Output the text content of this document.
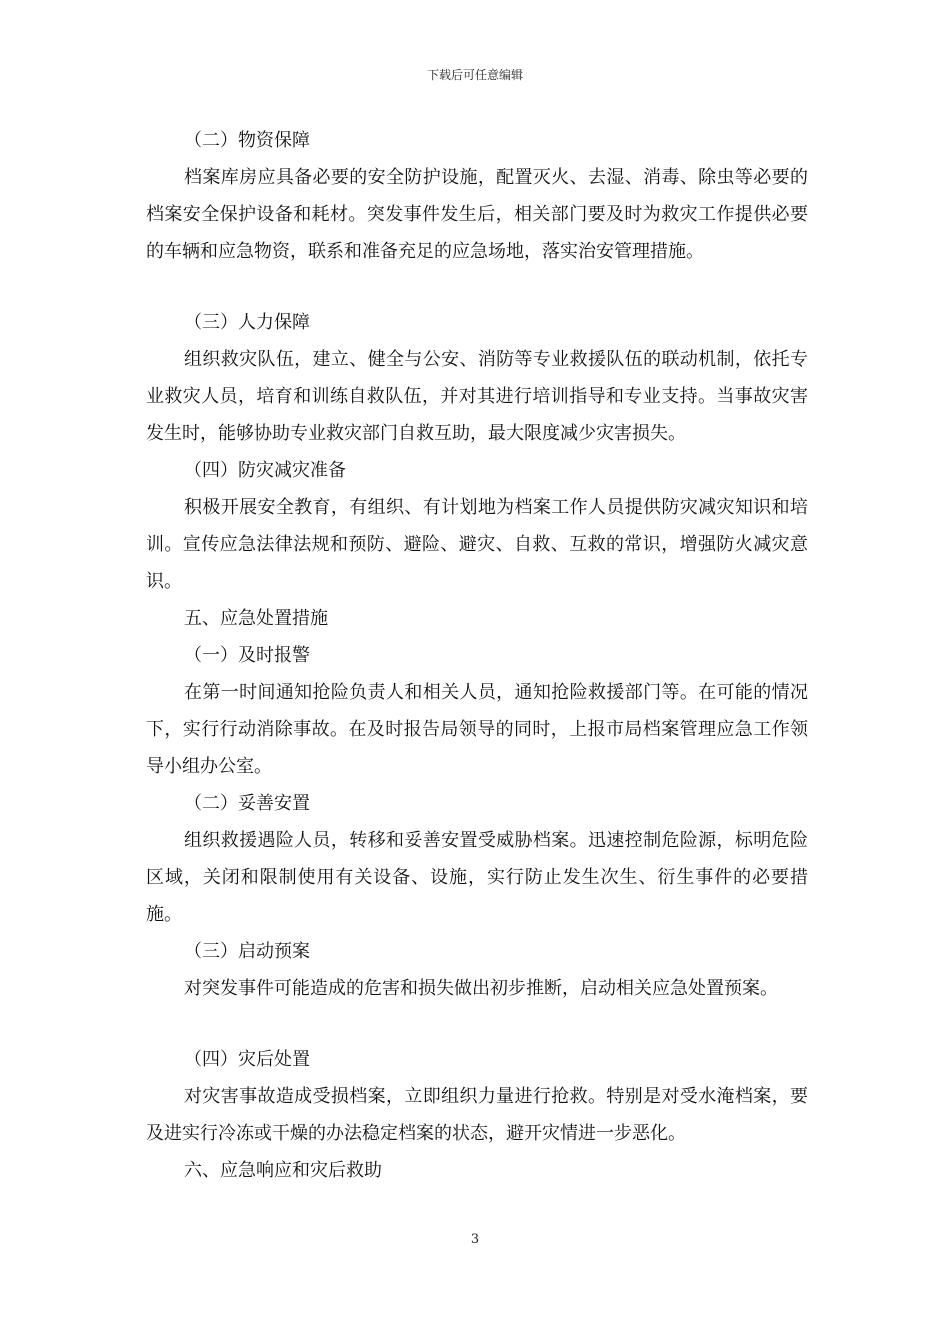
下载后可任意编辑

（二）物资保障

档案库房应具备必要的安全防护设施，配置灭火、去湿、消毒、除虫等必要的档案安全保护设备和耗材。突发事件发生后，相关部门要及时为救灾工作提供必要的车辆和应急物资，联系和准备充足的应急场地，落实治安管理措施。

（三）人力保障

组织救灾队伍，建立、健全与公安、消防等专业救援队伍的联动机制，依托专业救灾人员，培育和训练自救队伍，并对其进行培训指导和专业支持。当事故灾害发生时，能够协助专业救灾部门自救互助，最大限度减少灾害损失。

（四）防灾减灾准备

积极开展安全教育，有组织、有计划地为档案工作人员提供防灾减灾知识和培训。宣传应急法律法规和预防、避险、避灾、自救、互救的常识，增强防火减灾意识。

五、应急处置措施

（一）及时报警

在第一时间通知抢险负责人和相关人员，通知抢险救援部门等。在可能的情况下，实行行动消除事故。在及时报告局领导的同时，上报市局档案管理应急工作领导小组办公室。

（二）妥善安置

组织救援遇险人员，转移和妥善安置受威胁档案。迅速控制危险源，标明危险区域，关闭和限制使用有关设备、设施，实行防止发生次生、衍生事件的必要措施。

（三）启动预案

对突发事件可能造成的危害和损失做出初步推断，启动相关应急处置预案。

（四）灾后处置

对灾害事故造成受损档案，立即组织力量进行抢救。特别是对受水淹档案，要及进实行冷冻或干燥的办法稳定档案的状态，避开灾情进一步恶化。

六、应急响应和灾后救助

3
